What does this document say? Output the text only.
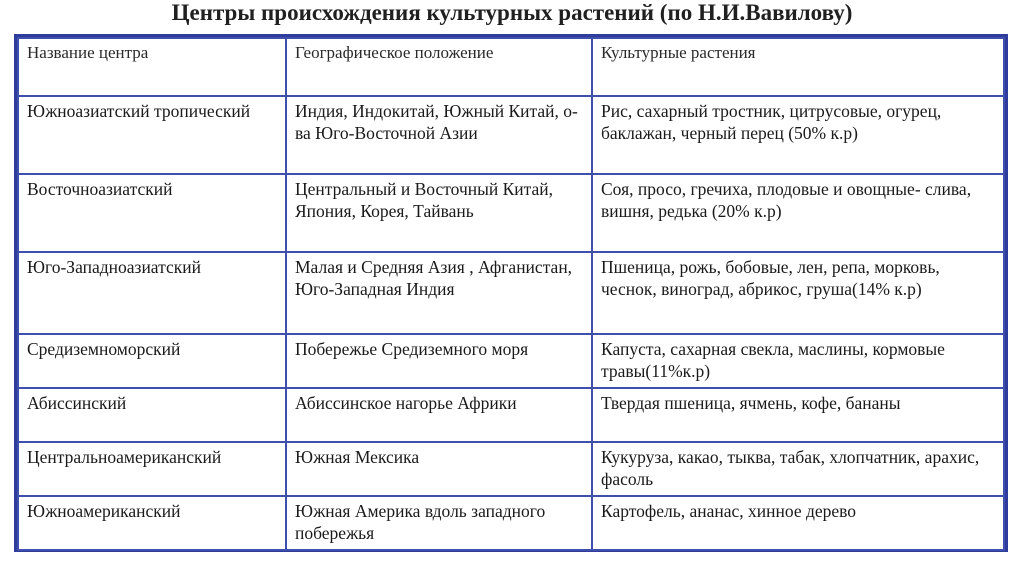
Центры происхождения культурных растений (по Н.И.Вавилову)
Название центра	Географическое положение	Культурные растения
Южноазиатский тропический	Индия, Индокитай, Южный Китай, о-ва Юго-Восточной Азии	Рис, сахарный тростник, цитрусовые, огурец, баклажан, черный перец (50% к.р)
Восточноазиатский	Центральный и Восточный Китай, Япония, Корея, Тайвань	Соя, просо, гречиха, плодовые и овощные- слива, вишня, редька (20% к.р)
Юго-Западноазиатский	Малая и Средняя Азия , Афганистан, Юго-Западная Индия	Пшеница, рожь, бобовые, лен, репа, морковь, чеснок, виноград, абрикос, груша(14% к.р)
Средиземноморский	Побережье Средиземного моря	Капуста, сахарная свекла, маслины, кормовые травы(11%к.р)
Абиссинский	Абиссинское нагорье Африки	Твердая пшеница, ячмень, кофе, бананы
Центральноамериканский	Южная Мексика	Кукуруза, какао, тыква, табак, хлопчатник, арахис, фасоль
Южноамериканский	Южная Америка вдоль западного побережья	Картофель, ананас, хинное дерево
